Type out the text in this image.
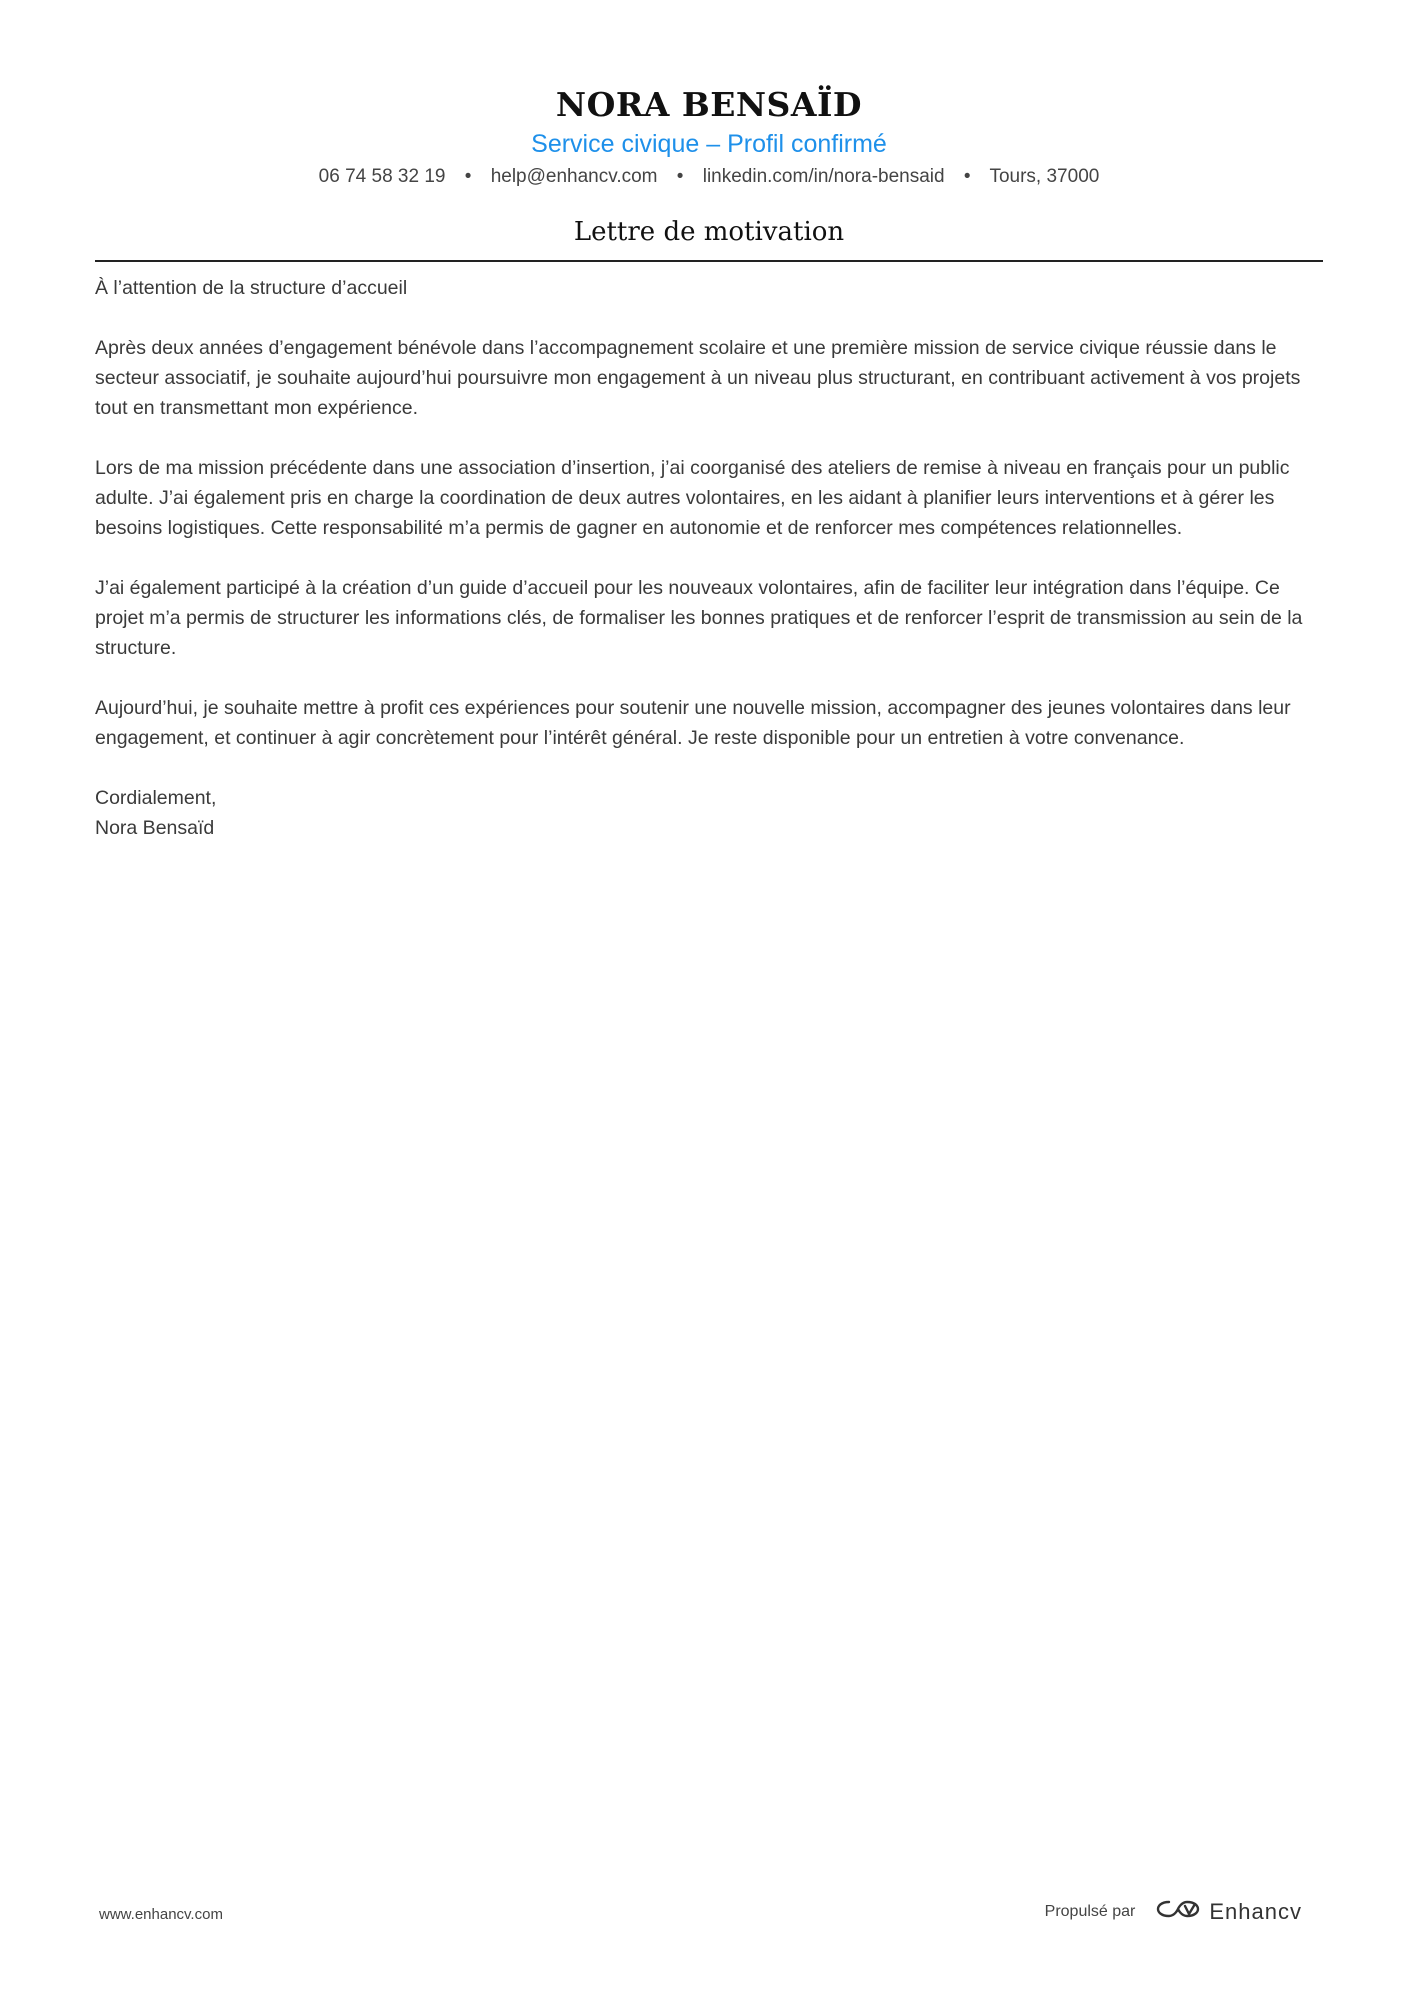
NORA BENSAÏD
Service civique – Profil confirmé
06 74 58 32 19 • help@enhancv.com • linkedin.com/in/nora-bensaid • Tours, 37000
Lettre de motivation

À l’attention de la structure d’accueil

Après deux années d’engagement bénévole dans l’accompagnement scolaire et une première mission de service civique réussie dans le secteur associatif, je souhaite aujourd’hui poursuivre mon engagement à un niveau plus structurant, en contribuant activement à vos projets tout en transmettant mon expérience.

Lors de ma mission précédente dans une association d’insertion, j’ai coorganisé des ateliers de remise à niveau en français pour un public adulte. J’ai également pris en charge la coordination de deux autres volontaires, en les aidant à planifier leurs interventions et à gérer les besoins logistiques. Cette responsabilité m’a permis de gagner en autonomie et de renforcer mes compétences relationnelles.

J’ai également participé à la création d’un guide d’accueil pour les nouveaux volontaires, afin de faciliter leur intégration dans l’équipe. Ce projet m’a permis de structurer les informations clés, de formaliser les bonnes pratiques et de renforcer l’esprit de transmission au sein de la structure.

Aujourd’hui, je souhaite mettre à profit ces expériences pour soutenir une nouvelle mission, accompagner des jeunes volontaires dans leur engagement, et continuer à agir concrètement pour l’intérêt général. Je reste disponible pour un entretien à votre convenance.

Cordialement,
Nora Bensaïd
www.enhancv.com	Propulsé par	Enhancv
